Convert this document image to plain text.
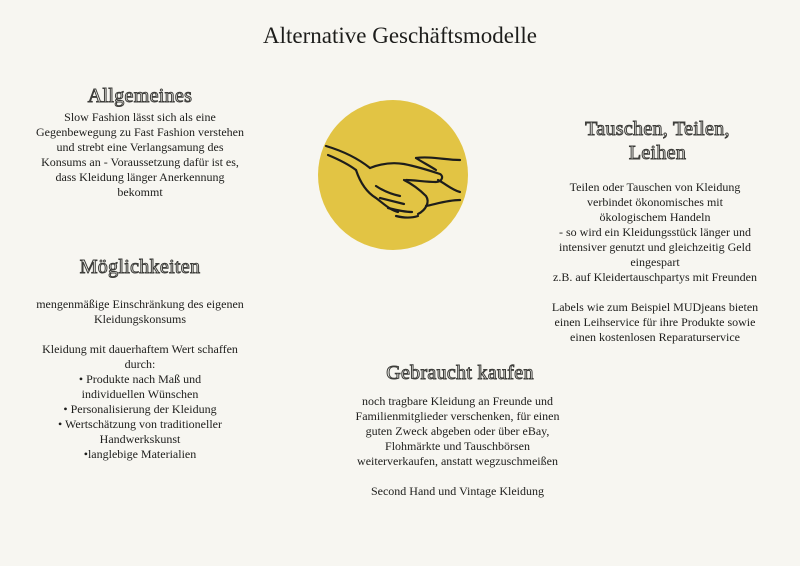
Alternative Geschäftsmodelle
Allgemeines
Slow Fashion lässt sich als eine
Gegenbewegung zu Fast Fashion verstehen
und strebt eine Verlangsamung des
Konsums an - Voraussetzung dafür ist es,
dass Kleidung länger Anerkennung
bekommt
Möglichkeiten
mengenmäßige Einschränkung des eigenen
Kleidungskonsums

Kleidung mit dauerhaftem Wert schaffen
durch:
• Produkte nach Maß und
individuellen Wünschen
• Personalisierung der Kleidung
• Wertschätzung von traditioneller
Handwerkskunst
•langlebige Materialien
Tauschen, Teilen,
Leihen
Teilen oder Tauschen von Kleidung
verbindet ökonomisches mit
ökologischem Handeln
- so wird ein Kleidungsstück länger und
intensiver genutzt und gleichzeitig Geld
eingespart
z.B. auf Kleidertauschpartys mit Freunden

Labels wie zum Beispiel MUDjeans bieten
einen Leihservice für ihre Produkte sowie
einen kostenlosen Reparaturservice
Gebraucht kaufen
noch tragbare Kleidung an Freunde und
Familienmitglieder verschenken, für einen
guten Zweck abgeben oder über eBay,
Flohmärkte und Tauschbörsen
weiterverkaufen, anstatt wegzuschmeißen

Second Hand und Vintage Kleidung
